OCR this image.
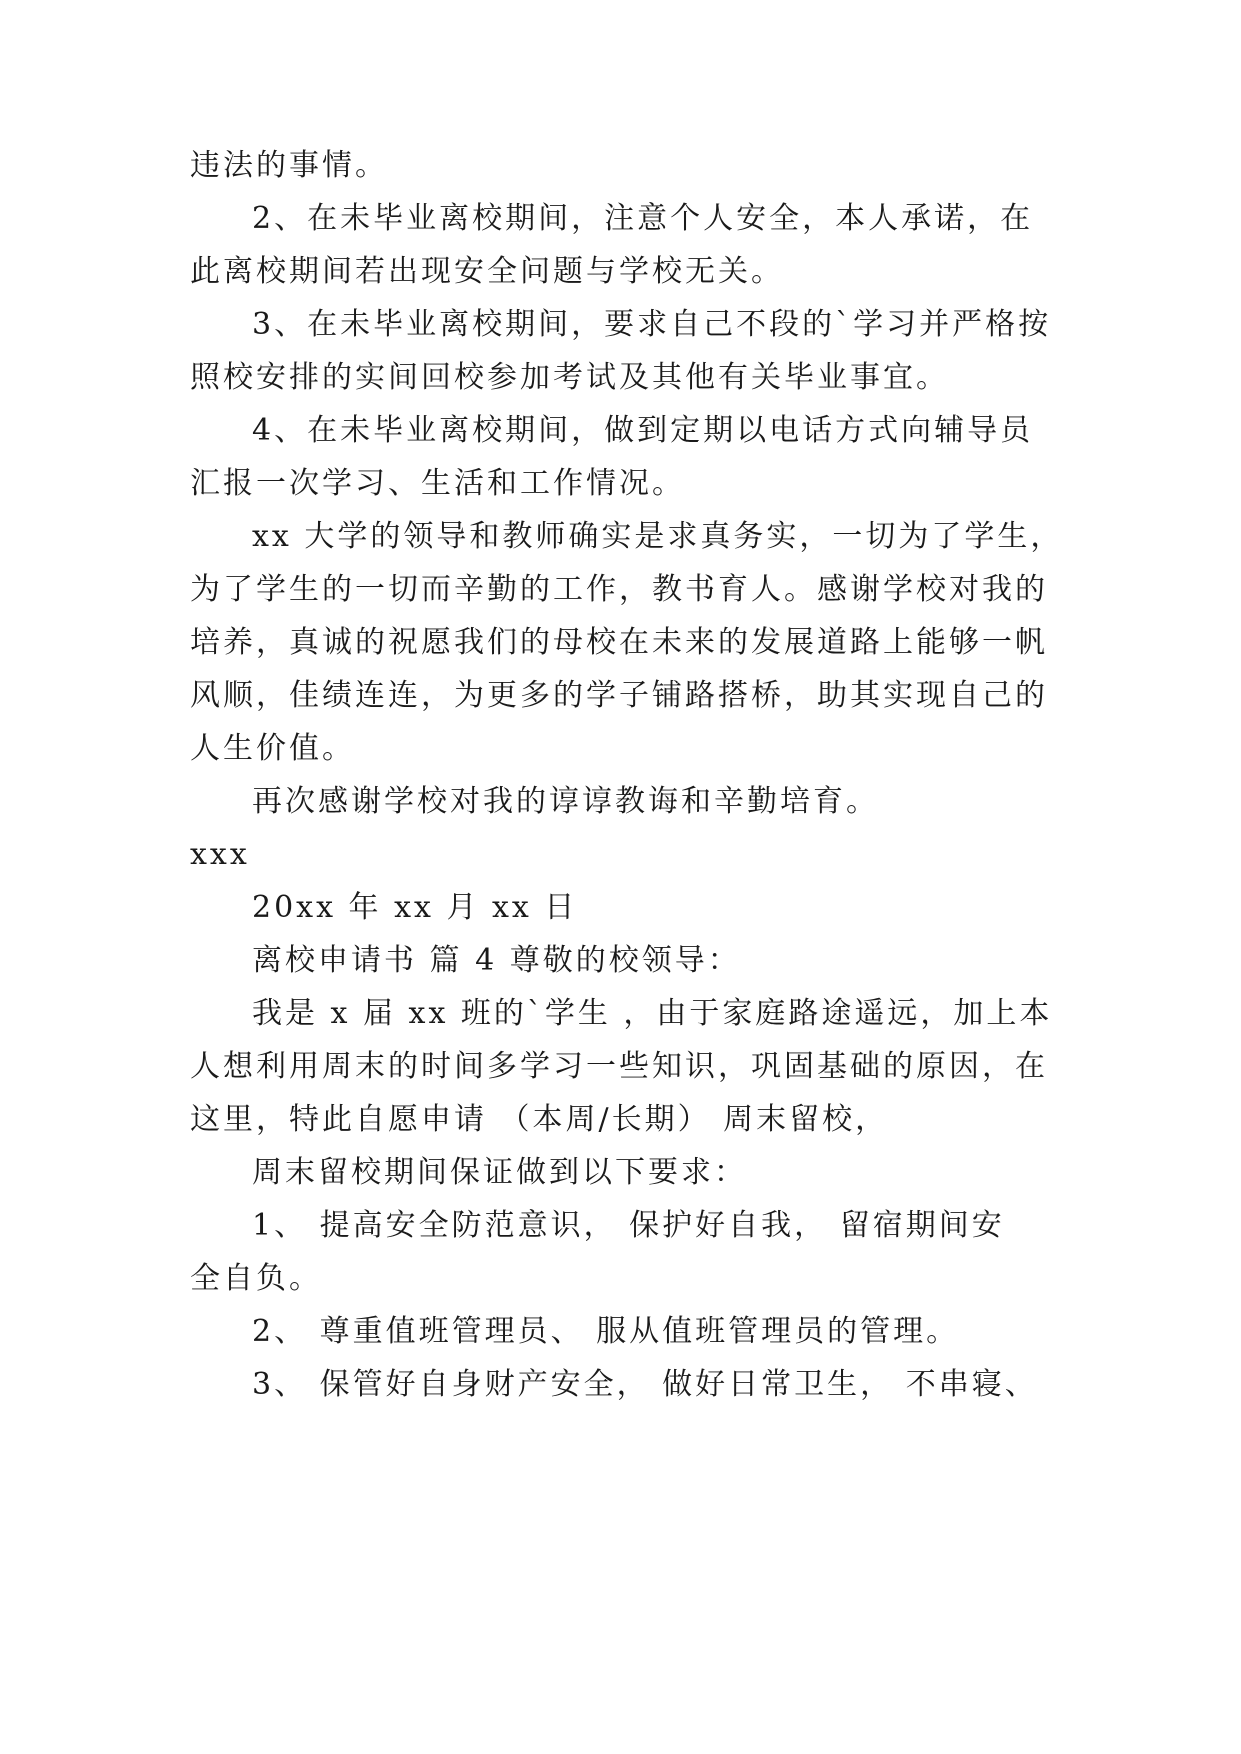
违法的事情。
2、在未毕业离校期间，注意个人安全，本人承诺，在
此离校期间若出现安全问题与学校无关。
3、在未毕业离校期间，要求自己不段的`学习并严格按
照校安排的实间回校参加考试及其他有关毕业事宜。
4、在未毕业离校期间，做到定期以电话方式向辅导员
汇报一次学习、生活和工作情况。
xx 大学的领导和教师确实是求真务实，一切为了学生，
为了学生的一切而辛勤的工作，教书育人。感谢学校对我的
培养，真诚的祝愿我们的母校在未来的发展道路上能够一帆
风顺，佳绩连连，为更多的学子铺路搭桥，助其实现自己的
人生价值。
再次感谢学校对我的谆谆教诲和辛勤培育。
xxx
20xx 年 xx 月 xx 日
离校申请书 篇 4 尊敬的校领导：
我是 x 届 xx 班的`学生 ，由于家庭路途遥远，加上本
人想利用周末的时间多学习一些知识，巩固基础的原因，在
这里，特此自愿申请 （本周/长期） 周末留校，
周末留校期间保证做到以下要求：
1、 提高安全防范意识， 保护好自我， 留宿期间安
全自负。
2、 尊重值班管理员、 服从值班管理员的管理。
3、 保管好自身财产安全， 做好日常卫生， 不串寝、
